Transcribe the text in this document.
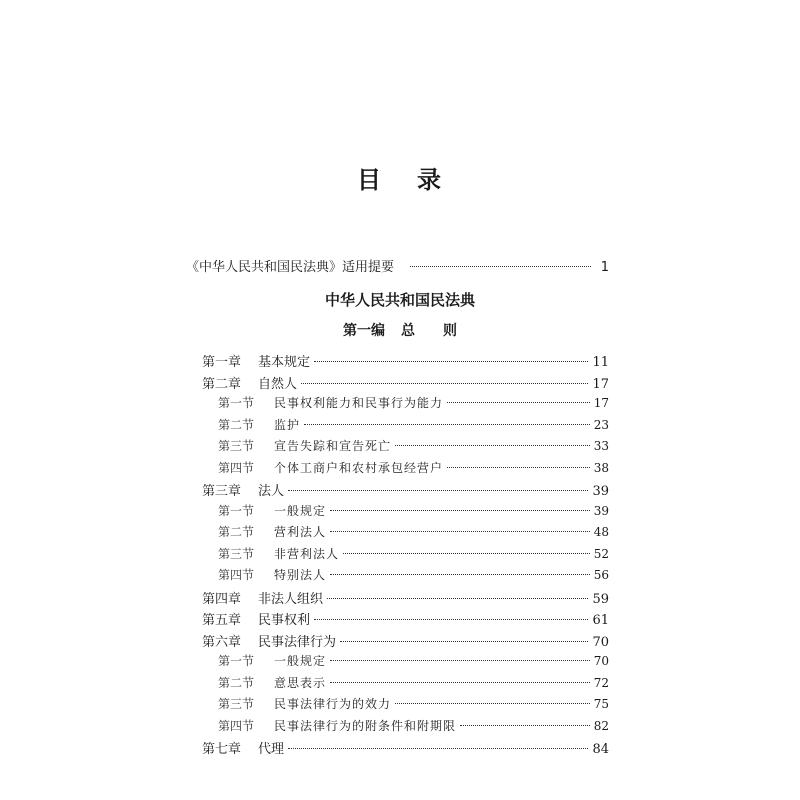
目 录
《中华人民共和国民法典》适用提要	1
中华人民共和国民法典
第一编 总 则
第一章	基本规定	11
第二章	自然人	17
第一节	民事权利能力和民事行为能力	17
第二节	监护	23
第三节	宣告失踪和宣告死亡	33
第四节	个体工商户和农村承包经营户	38
第三章	法人	39
第一节	一般规定	39
第二节	营利法人	48
第三节	非营利法人	52
第四节	特别法人	56
第四章	非法人组织	59
第五章	民事权利	61
第六章	民事法律行为	70
第一节	一般规定	70
第二节	意思表示	72
第三节	民事法律行为的效力	75
第四节	民事法律行为的附条件和附期限	82
第七章	代理	84
